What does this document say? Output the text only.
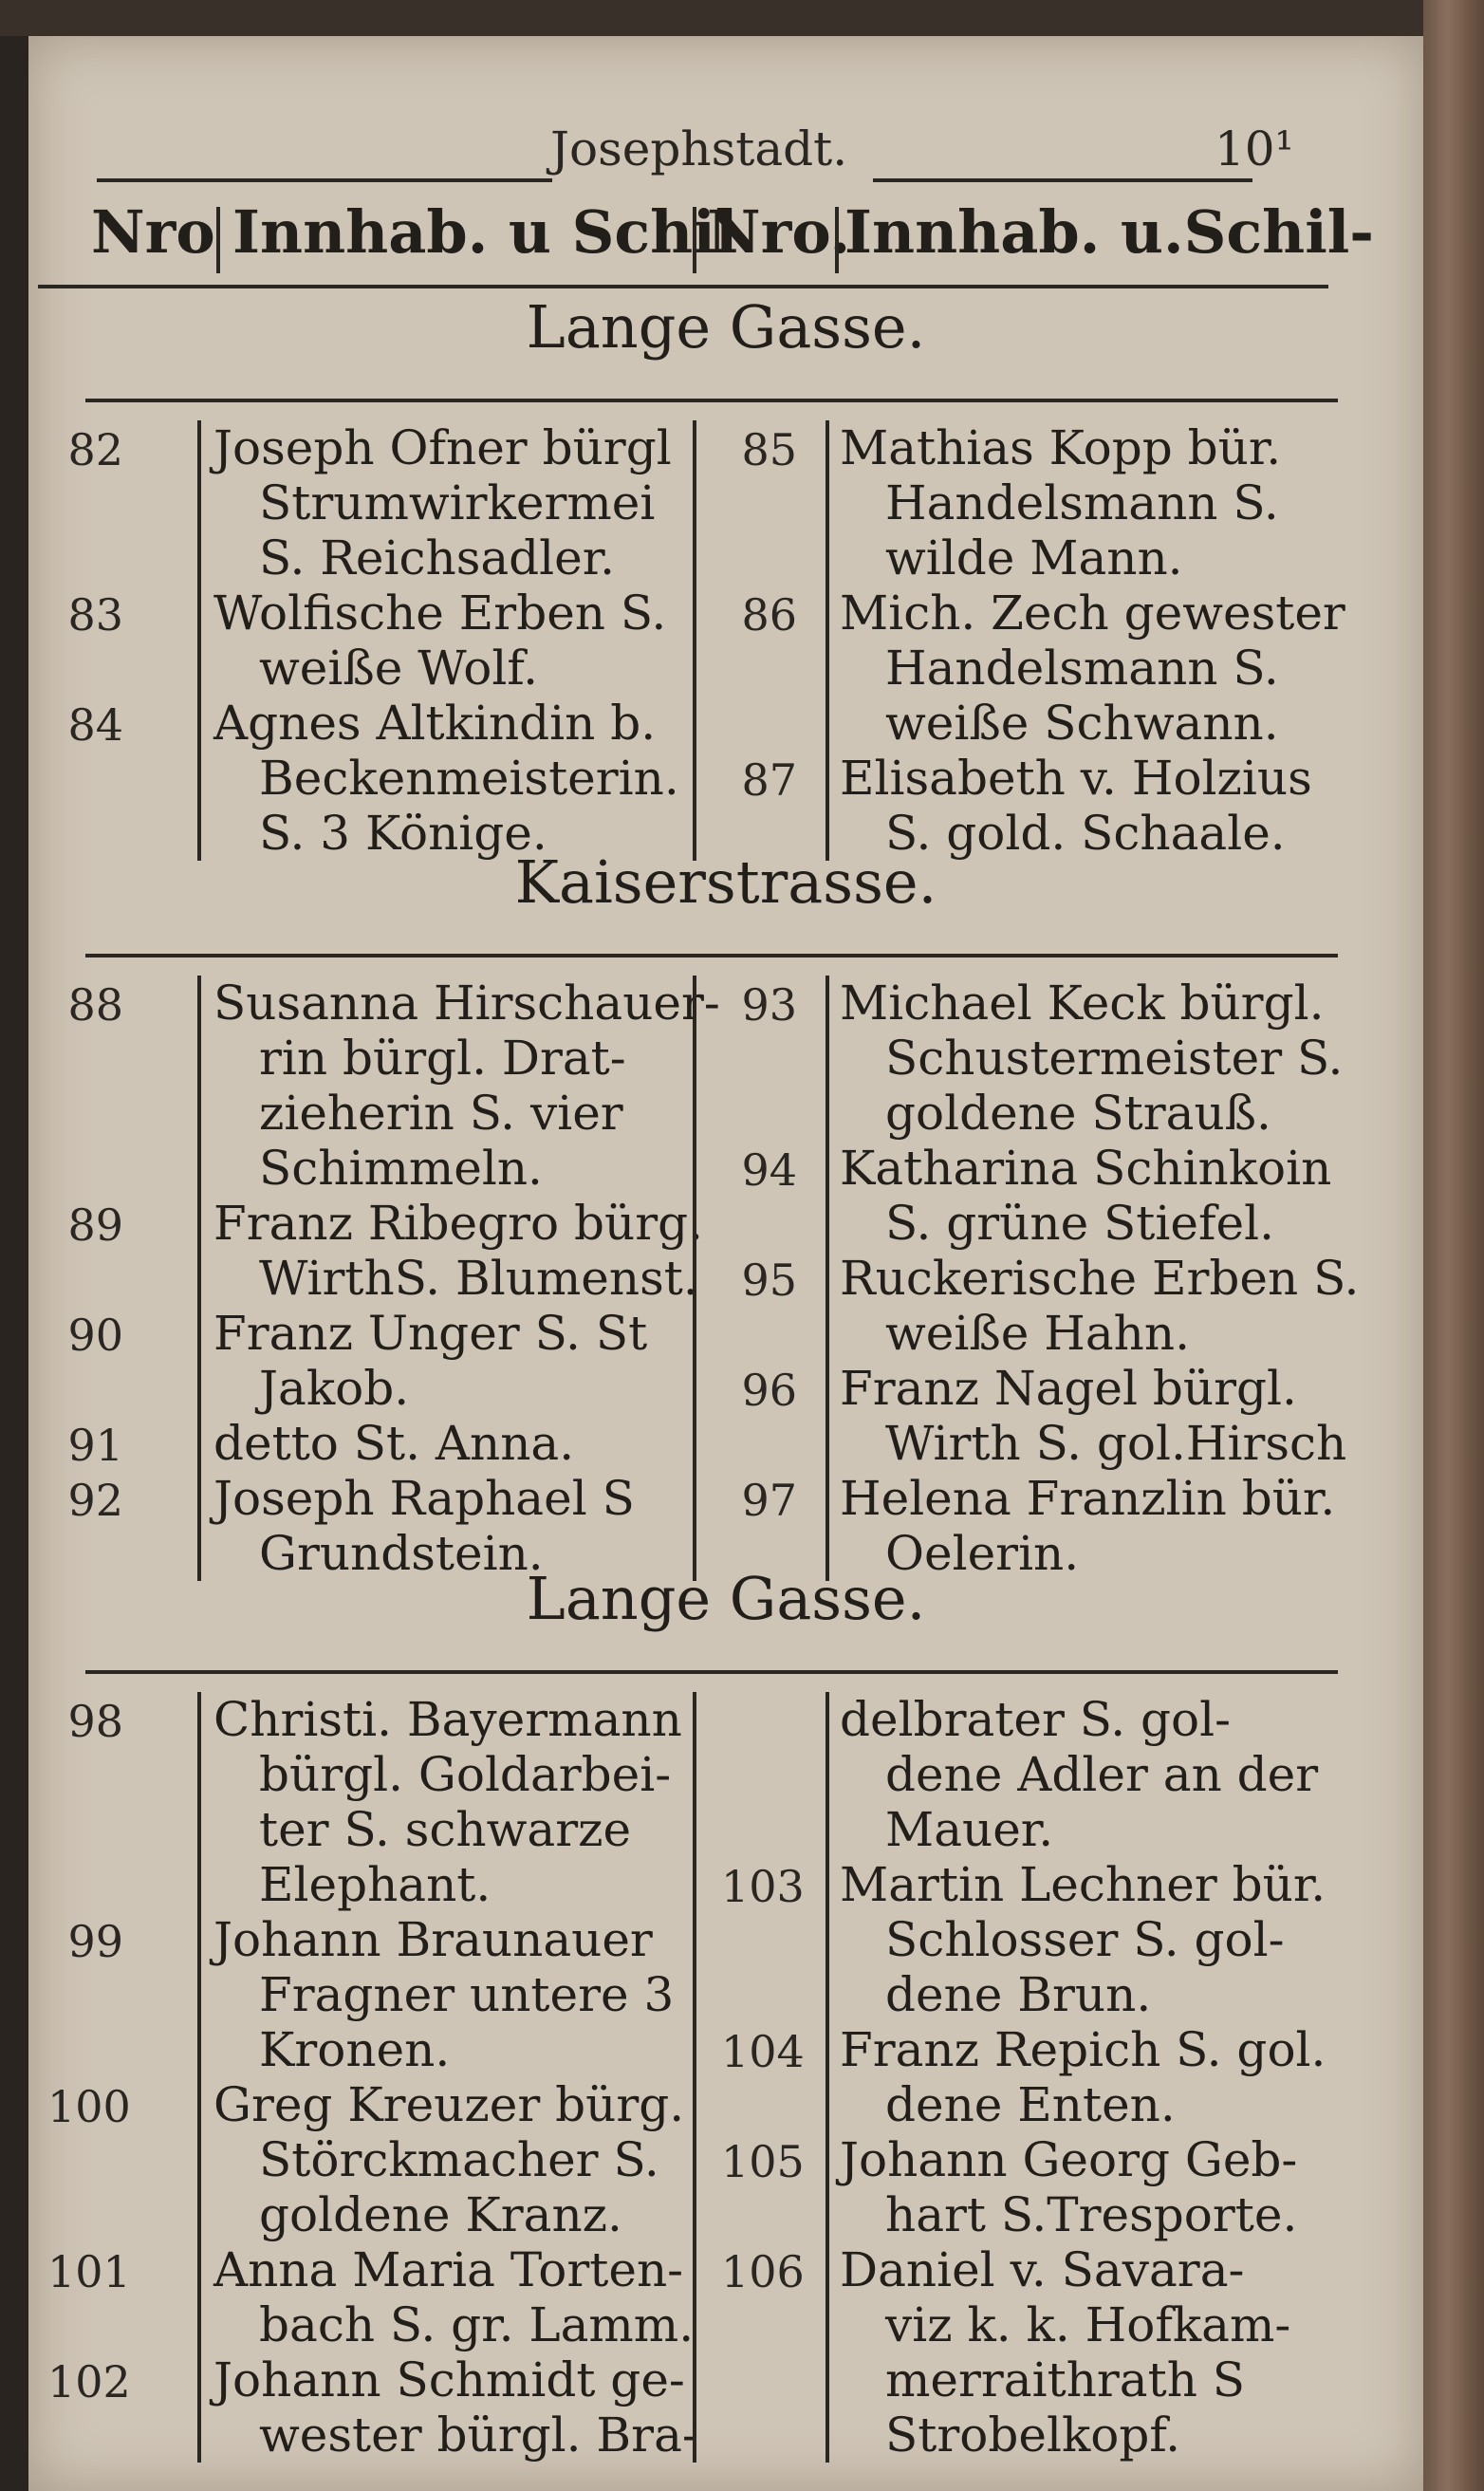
Josephstadt.	10¹
Nro Innhab. u Schil
Nro.
Innhab. u.Schil-
Lange Gasse.
82 Joseph Ofner bürgl
Strumwirkermei
S. Reichsadler.
83 Wolfische Erben S.
weiße Wolf.
84 Agnes Altkindin b.
Beckenmeisterin.
S. 3 Könige.
85 Mathias Kopp bür.
Handelsmann S.
wilde Mann.
86 Mich. Zech gewester
Handelsmann S.
weiße Schwann.
87 Elisabeth v. Holzius
S. gold. Schaale.
Kaiserstrasse.
88 Susanna Hirschauer-
rin bürgl. Drat-
zieherin S. vier
Schimmeln.
89 Franz Ribegro bürg.
WirthS. Blumenst.
90 Franz Unger S. St
Jakob.
91 detto St. Anna.
92 Joseph Raphael S
Grundstein.
93 Michael Keck bürgl.
Schustermeister S.
goldene Strauß.
94 Katharina Schinkoin
S. grüne Stiefel.
95 Ruckerische Erben S.
weiße Hahn.
96 Franz Nagel bürgl.
Wirth S. gol.Hirsch
97 Helena Franzlin bür.
Oelerin.
Lange Gasse.
98 Christi. Bayermann
bürgl. Goldarbei-
ter S. schwarze
Elephant.
99 Johann Braunauer
Fragner untere 3
Kronen.
100 Greg Kreuzer bürg.
Störckmacher S.
goldene Kranz.
101 Anna Maria Torten-
bach S. gr. Lamm.
102 Johann Schmidt ge-
wester bürgl. Bra-
delbrater S. gol-
dene Adler an der
Mauer.
103 Martin Lechner bür.
Schlosser S. gol-
dene Brun.
104 Franz Repich S. gol.
dene Enten.
105 Johann Georg Geb-
hart S.Tresporte.
106 Daniel v. Savara-
viz k. k. Hofkam-
merraithrath S
Strobelkopf.
